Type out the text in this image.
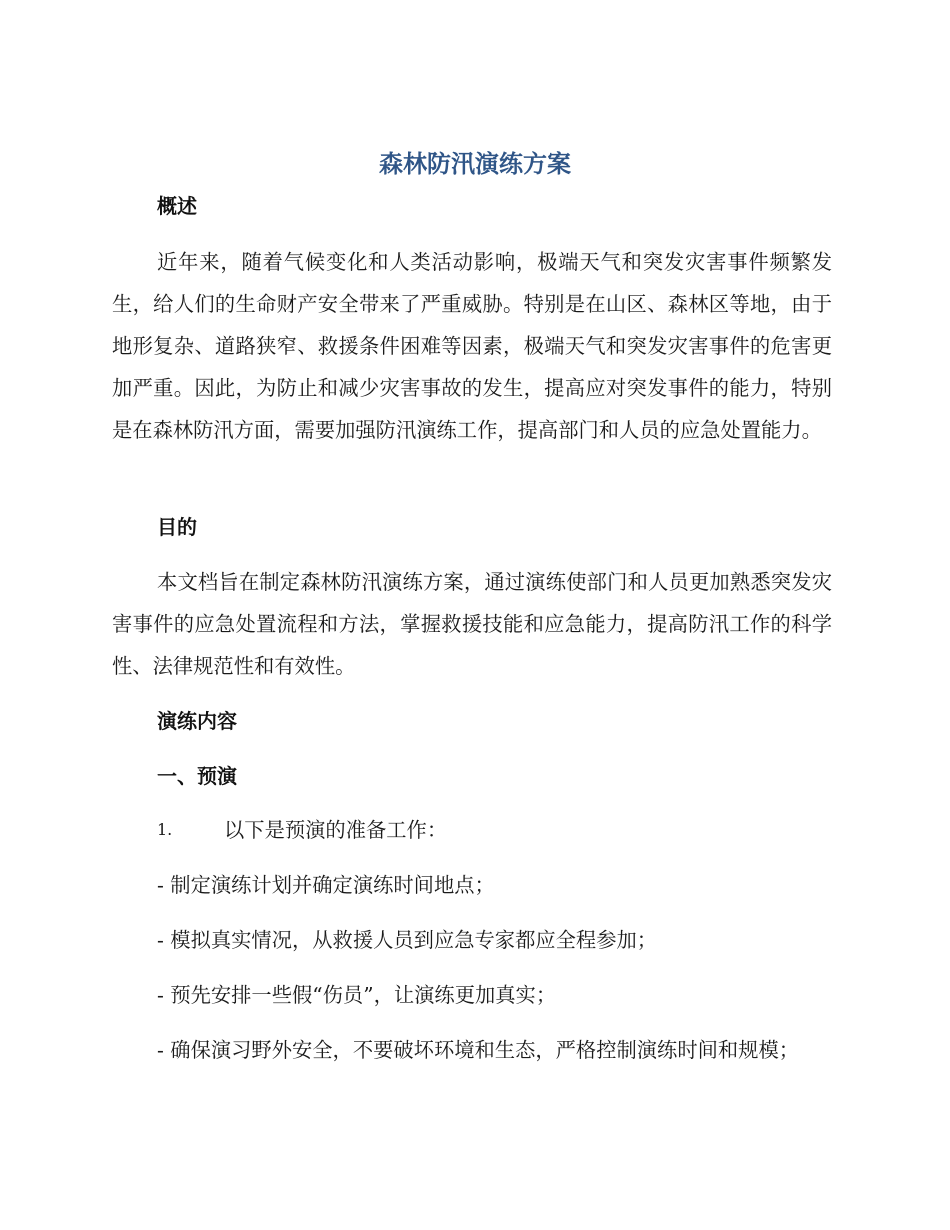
森林防汛演练方案
概述

近年来，随着气候变化和人类活动影响，极端天气和突发灾害事件频繁发生，给人们的生命财产安全带来了严重威胁。特别是在山区、森林区等地，由于地形复杂、道路狭窄、救援条件困难等因素，极端天气和突发灾害事件的危害更加严重。因此，为防止和减少灾害事故的发生，提高应对突发事件的能力，特别是在森林防汛方面，需要加强防汛演练工作，提高部门和人员的应急处置能力。

目的

本文档旨在制定森林防汛演练方案，通过演练使部门和人员更加熟悉突发灾害事件的应急处置流程和方法，掌握救援技能和应急能力，提高防汛工作的科学性、法律规范性和有效性。

演练内容
一、预演
1.	以下是预演的准备工作：
- 制定演练计划并确定演练时间地点；
- 模拟真实情况，从救援人员到应急专家都应全程参加；
- 预先安排一些假“伤员”，让演练更加真实；

- 确保演习野外安全，不要破坏环境和生态，严格控制演练时间和规模；
